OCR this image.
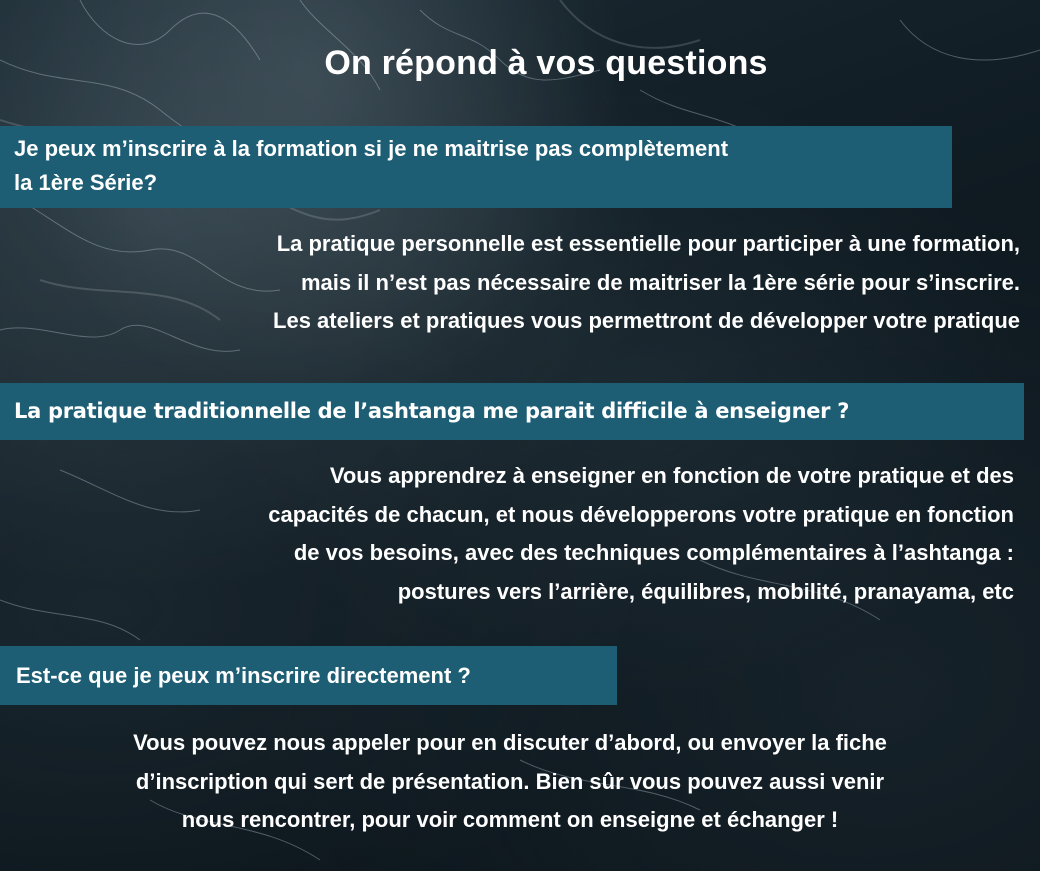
On répond à vos questions
Je peux m’inscrire à la formation si je ne maitrise pas complètement
la 1ère Série?
La pratique personnelle est essentielle pour participer à une formation,
mais il n’est pas nécessaire de maitriser la 1ère série pour s’inscrire.
Les ateliers et pratiques vous permettront de développer votre pratique
La pratique traditionnelle de l’ashtanga me parait difficile à enseigner ?
Vous apprendrez à enseigner en fonction de votre pratique et des
capacités de chacun, et nous développerons votre pratique en fonction
de vos besoins, avec des techniques complémentaires à l’ashtanga :
postures vers l’arrière, équilibres, mobilité, pranayama, etc
Est-ce que je peux m’inscrire directement ?
Vous pouvez nous appeler pour en discuter d’abord, ou envoyer la fiche
d’inscription qui sert de présentation. Bien sûr vous pouvez aussi venir
nous rencontrer, pour voir comment on enseigne et échanger !
